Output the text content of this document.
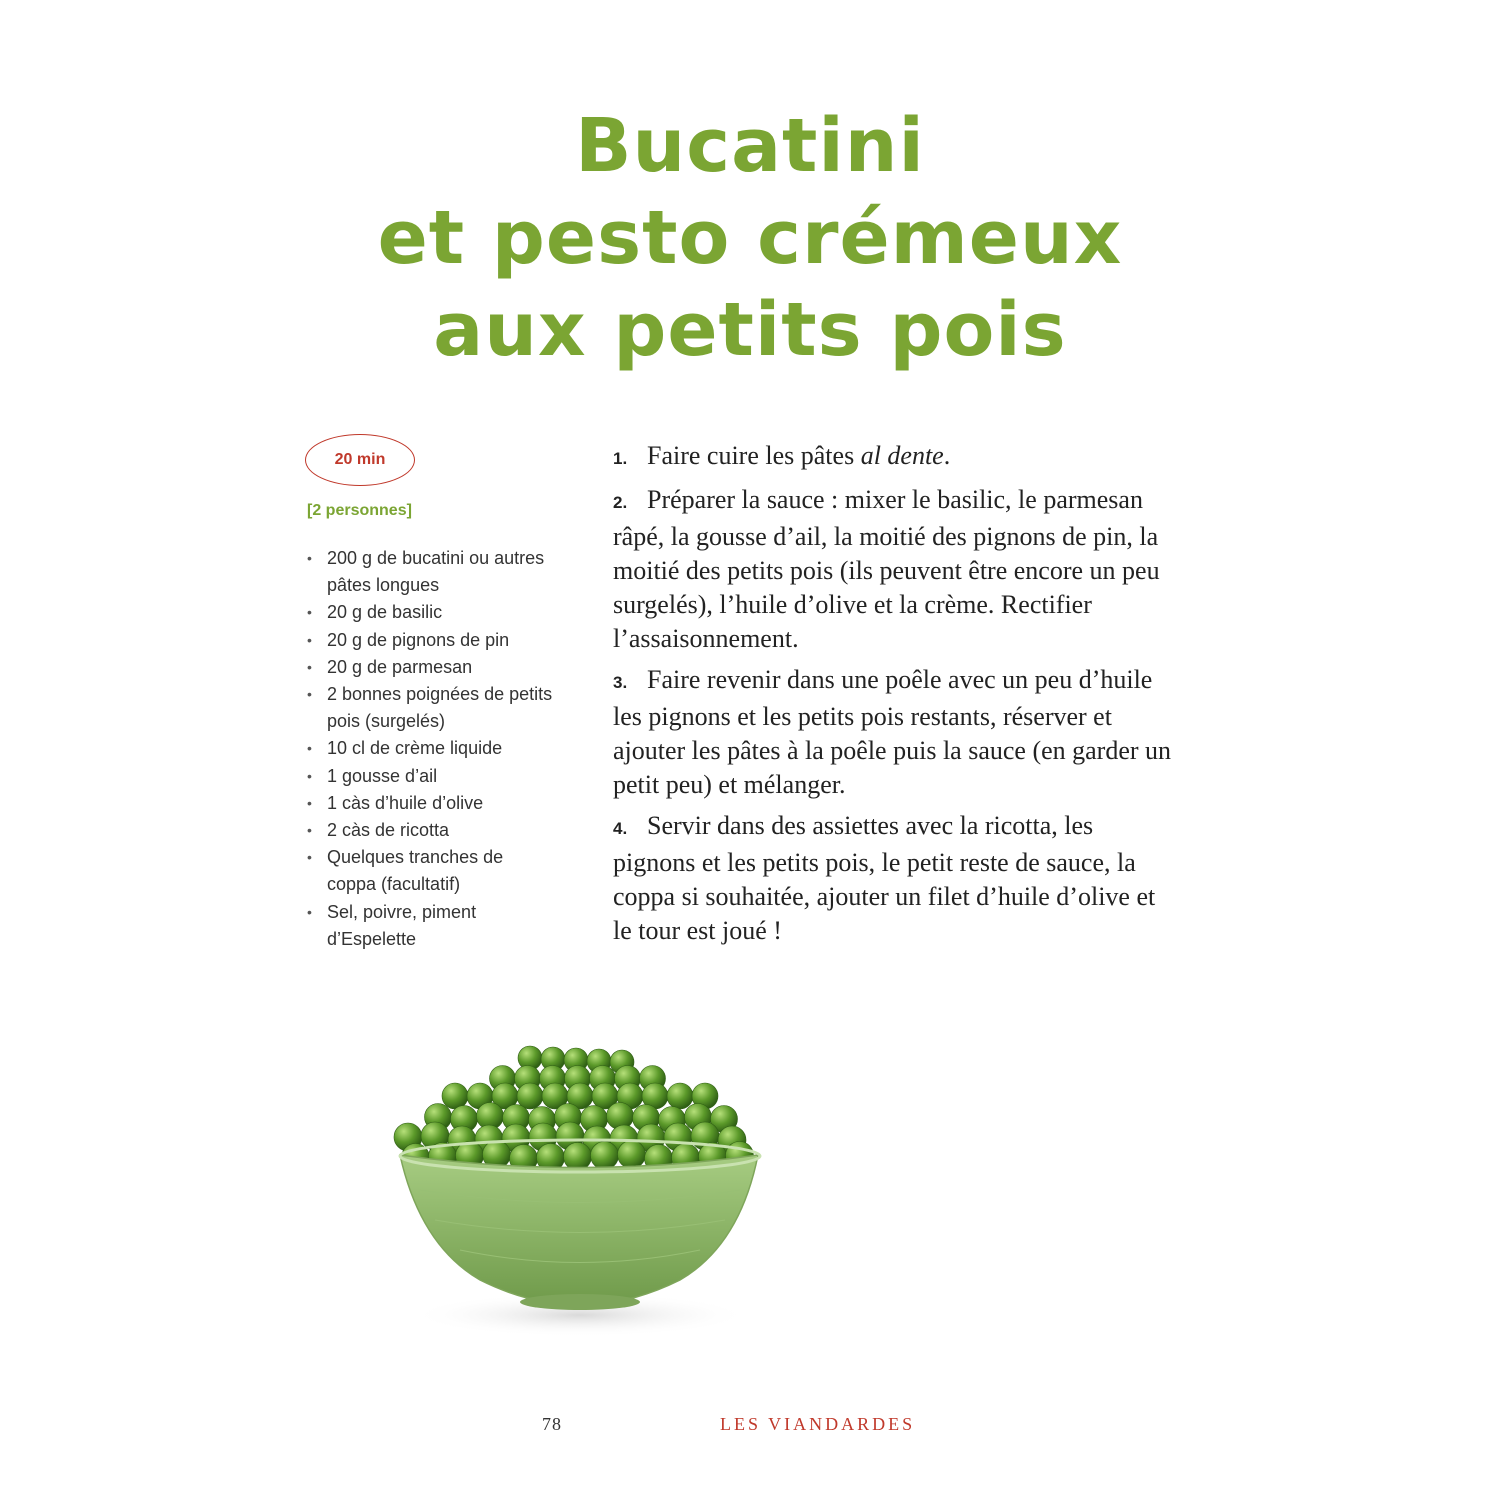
Bucatini
et pesto crémeux
aux petits pois
20 min

[2 personnes]

• 200 g de bucatini ou autres pâtes longues
• 20 g de basilic
• 20 g de pignons de pin
• 20 g de parmesan
• 2 bonnes poignées de petits pois (surgelés)
• 10 cl de crème liquide
• 1 gousse d’ail
• 1 càs d’huile d’olive
• 2 càs de ricotta
• Quelques tranches de coppa (facultatif)
• Sel, poivre, piment d’Espelette
1. Faire cuire les pâtes al dente.
2. Préparer la sauce : mixer le basilic, le parmesan râpé, la gousse d’ail, la moitié des pignons de pin, la moitié des petits pois (ils peuvent être encore un peu surgelés), l’huile d’olive et la crème. Rectifier l’assaisonnement.
3. Faire revenir dans une poêle avec un peu d’huile les pignons et les petits pois restants, réserver et ajouter les pâtes à la poêle puis la sauce (en garder un petit peu) et mélanger.
4. Servir dans des assiettes avec la ricotta, les pignons et les petits pois, le petit reste de sauce, la coppa si souhaitée, ajouter un filet d’huile d’olive et le tour est joué !

78	LES VIANDARDES
